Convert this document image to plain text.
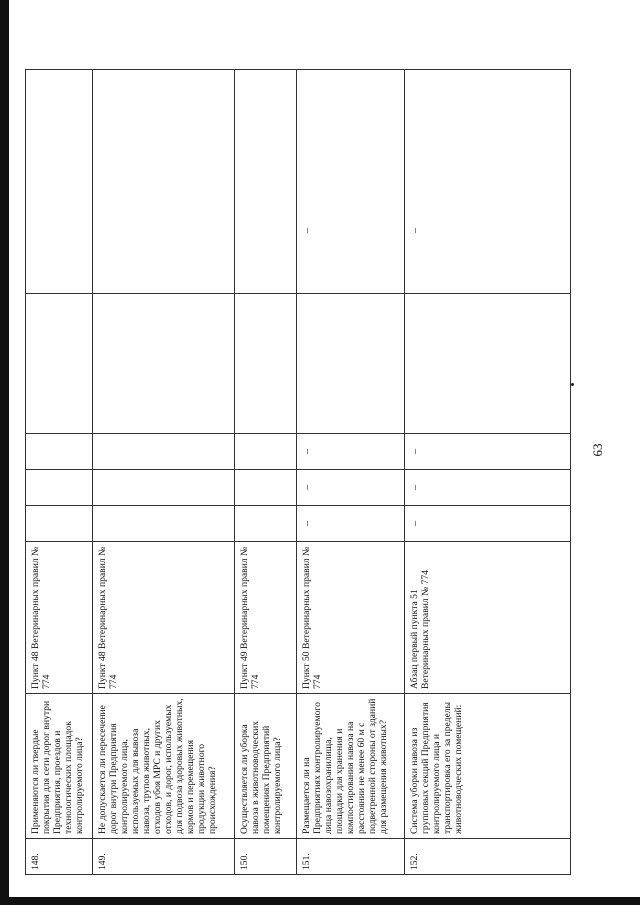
63
148.	Применяются ли твердые покрытия для сети дорог внутри Предприятия, проездов и технологических площадок контролируемого лица?	Пункт 48 Ветеринарных правил № 774	

149.	Не допускается ли пересечение дорог внутри Предприятия контролируемого лица, используемых для вывоза навоза, трупов животных, отходов убоя МРС и других отходов, и дорог, используемых для подвоза здоровых животных, кормов и перемещения продукции животного происхождения?	Пункт 48 Ветеринарных правил № 774	

150.	Осуществляется ли уборка навоза в животноводческих помещениях Предприятий контролируемого лица?	Пункт 49 Ветеринарных правил № 774	

151.	Размещается ли на Предприятиях контролируемого лица навозохранилища, площадки для хранения и компостирования навоза на расстоянии не менее 60 м с подветренной стороны от зданий для размещения животных?	Пункт 50 Ветеринарных правил № 774	–	–	–		–

152.	Система уборки навоза из групповых секций Предприятия контролируемого лица и транспортировка его за пределы животноводческих помещений:	Абзац первый пункта 51 Ветеринарных правил № 774	–	–	–		–
